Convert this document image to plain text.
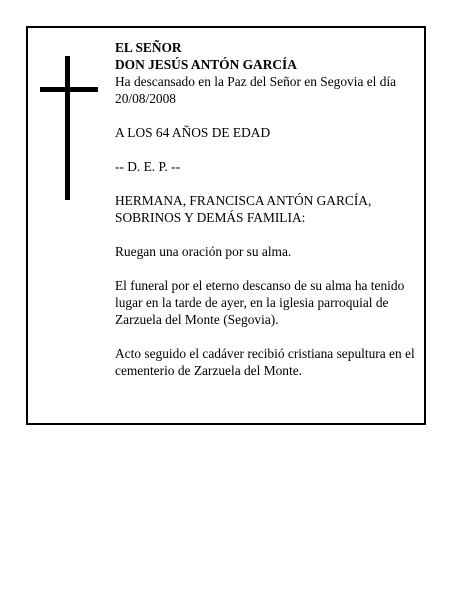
EL SEÑOR

DON JESÚS ANTÓN GARCÍA

Ha descansado en la Paz del Señor en Segovia el día 20/08/2008

A LOS 64 AÑOS DE EDAD

-- D. E. P. --

HERMANA, FRANCISCA ANTÓN GARCÍA, SOBRINOS Y DEMÁS FAMILIA:

Ruegan una oración por su alma.

El funeral por el eterno descanso de su alma ha tenido lugar en la tarde de ayer, en la iglesia parroquial de Zarzuela del Monte (Segovia).

Acto seguido el cadáver recibió cristiana sepultura en el cementerio de Zarzuela del Monte.
